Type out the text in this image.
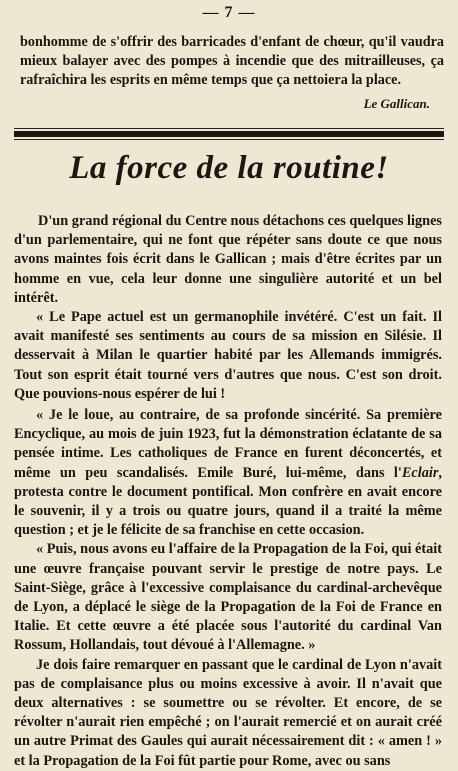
— 7 —

bonhomme de s'offrir des barricades d'enfant de chœur, qu'il vaudra mieux balayer avec des pompes à incendie que des mitrailleuses, ça rafraîchira les esprits en même temps que ça nettoiera la place.

Le Gallican.
La force de la routine!

D'un grand régional du Centre nous détachons ces quelques lignes d'un parlementaire, qui ne font que répéter sans doute ce que nous avons maintes fois écrit dans le Gallican ; mais d'être écrites par un homme en vue, cela leur donne une singulière autorité et un bel intérêt.

« Le Pape actuel est un germanophile invétéré. C'est un fait. Il avait manifesté ses sentiments au cours de sa mission en Silésie. Il desservait à Milan le quartier habité par les Allemands immigrés. Tout son esprit était tourné vers d'autres que nous. C'est son droit. Que pouvions-nous espérer de lui !

« Je le loue, au contraire, de sa profonde sincérité. Sa première Encyclique, au mois de juin 1923, fut la démonstration éclatante de sa pensée intime. Les catholiques de France en furent déconcertés, et même un peu scandalisés. Emile Buré, lui-même, dans l'Eclair, protesta contre le document pontifical. Mon confrère en avait encore le souvenir, il y a trois ou quatre jours, quand il a traité la même question ; et je le félicite de sa franchise en cette occasion.

« Puis, nous avons eu l'affaire de la Propagation de la Foi, qui était une œuvre française pouvant servir le prestige de notre pays. Le Saint-Siège, grâce à l'excessive complaisance du cardinal-archevêque de Lyon, a déplacé le siège de la Propagation de la Foi de France en Italie. Et cette œuvre a été placée sous l'autorité du cardinal Van Rossum, Hollandais, tout dévoué à l'Allemagne. »

Je dois faire remarquer en passant que le cardinal de Lyon n'avait pas de complaisance plus ou moins excessive à avoir. Il n'avait que deux alternatives : se soumettre ou se révolter. Et encore, de se révolter n'aurait rien empêché ; on l'aurait remercié et on aurait créé un autre Primat des Gaules qui aurait nécessairement dit : « amen ! » et la Propagation de la Foi fût partie pour Rome, avec ou sans
